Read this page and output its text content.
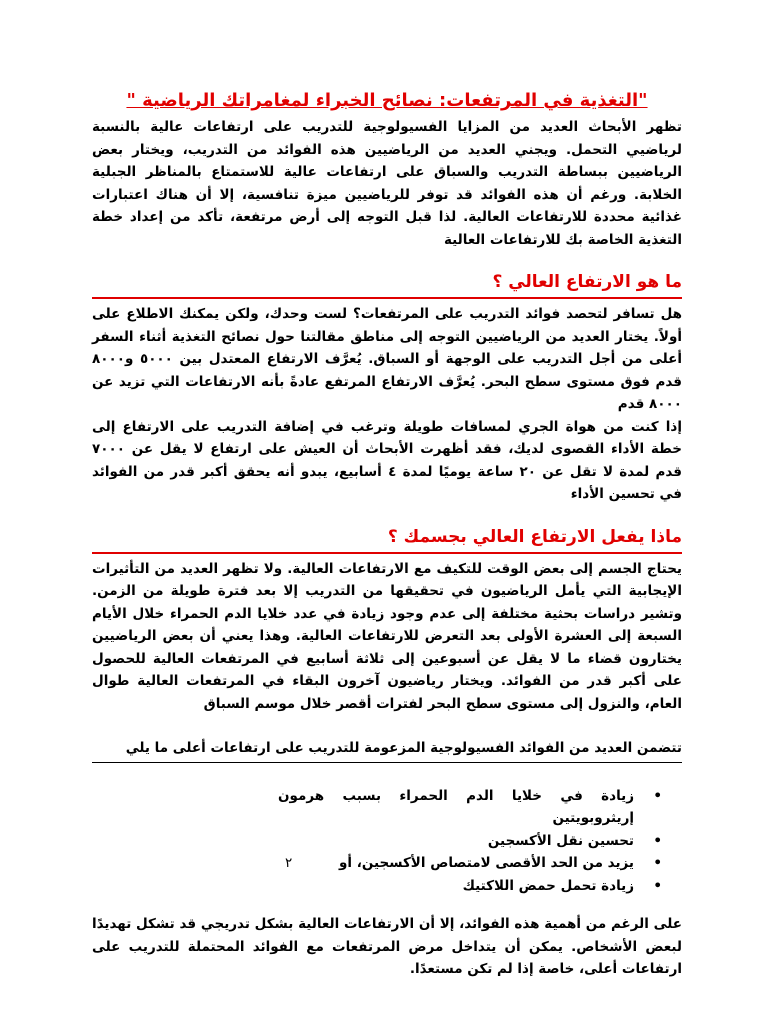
"التغذية في المرتفعات: نصائح الخبراء لمغامراتك الرياضية "

تظهر الأبحاث العديد من المزايا الفسيولوجية للتدريب على ارتفاعات عالية بالنسبة لرياضيي التحمل. ويجني العديد من الرياضيين هذه الفوائد من التدريب، ويختار بعض الرياضيين ببساطة التدريب والسباق على ارتفاعات عالية للاستمتاع بالمناظر الجبلية الخلابة. ورغم أن هذه الفوائد قد توفر للرياضيين ميزة تنافسية، إلا أن هناك اعتبارات غذائية محددة للارتفاعات العالية. لذا قبل التوجه إلى أرض مرتفعة، تأكد من إعداد خطة التغذية الخاصة بك للارتفاعات العالية

ما هو الارتفاع العالي ؟

هل تسافر لتحصد فوائد التدريب على المرتفعات؟ لست وحدك، ولكن يمكنك الاطلاع على أولاً. يختار العديد من الرياضيين التوجه إلى مناطق مقالتنا حول نصائح التغذية أثناء السفر أعلى من أجل التدريب على الوجهة أو السباق. يُعرَّف الارتفاع المعتدل بين ٥٠٠٠ و٨٠٠٠ قدم فوق مستوى سطح البحر. يُعرَّف الارتفاع المرتفع عادةً بأنه الارتفاعات التي تزيد عن ٨٠٠٠ قدم

إذا كنت من هواة الجري لمسافات طويلة وترغب في إضافة التدريب على الارتفاع إلى خطة الأداء القصوى لديك، فقد أظهرت الأبحاث أن العيش على ارتفاع لا يقل عن ٧٠٠٠ قدم لمدة لا تقل عن ٢٠ ساعة يوميًا لمدة ٤ أسابيع، يبدو أنه يحقق أكبر قدر من الفوائد في تحسين الأداء

ماذا يفعل الارتفاع العالي بجسمك ؟

يحتاج الجسم إلى بعض الوقت للتكيف مع الارتفاعات العالية. ولا تظهر العديد من التأثيرات الإيجابية التي يأمل الرياضيون في تحقيقها من التدريب إلا بعد فترة طويلة من الزمن. وتشير دراسات بحثية مختلفة إلى عدم وجود زيادة في عدد خلايا الدم الحمراء خلال الأيام السبعة إلى العشرة الأولى بعد التعرض للارتفاعات العالية. وهذا يعني أن بعض الرياضيين يختارون قضاء ما لا يقل عن أسبوعين إلى ثلاثة أسابيع في المرتفعات العالية للحصول على أكبر قدر من الفوائد. ويختار رياضيون آخرون البقاء في المرتفعات العالية طوال العام، والنزول إلى مستوى سطح البحر لفترات أقصر خلال موسم السباق

تتضمن العديد من الفوائد الفسيولوجية المزعومة للتدريب على ارتفاعات أعلى ما يلي

•
زيادة في خلايا الدم الحمراء بسبب هرمون إريثروبويتين
•
تحسين نقل الأكسجين
•
يزيد من الحد الأقصى لامتصاص الأكسجين، أو ٢
•
زيادة تحمل حمض اللاكتيك

على الرغم من أهمية هذه الفوائد، إلا أن الارتفاعات العالية بشكل تدريجي قد تشكل تهديدًا لبعض الأشخاص. يمكن أن يتداخل مرض المرتفعات مع الفوائد المحتملة للتدريب على ارتفاعات أعلى، خاصة إذا لم تكن مستعدًا.
